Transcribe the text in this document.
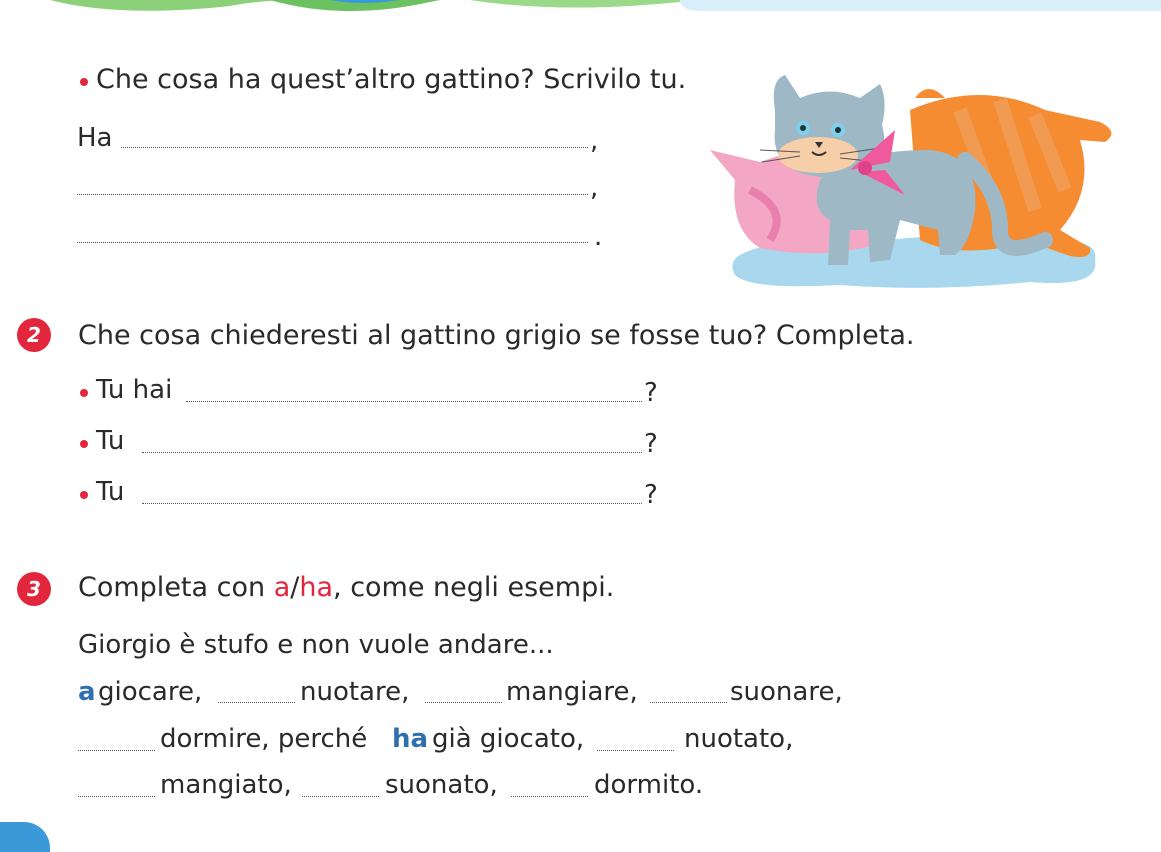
Che cosa ha quest’altro gattino? Scrivilo tu.
Ha	,
,
.
2	Che cosa chiederesti al gattino grigio se fosse tuo? Completa.
Tu hai	?
Tu	?
Tu	?
3	Completa con a/ha, come negli esempi.
Giorgio è stufo e non vuole andare...
a giocare,	nuotare,	mangiare,	suonare,
dormire, perché ha già giocato,	nuotato,
mangiato,	suonato,	dormito.
